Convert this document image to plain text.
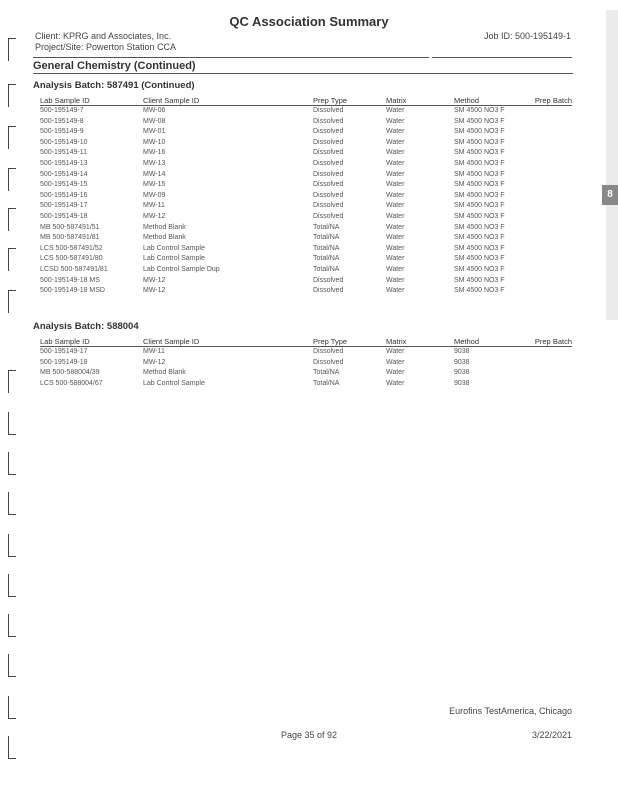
8
QC Association Summary
Client: KPRG and Associates, Inc.
Project/Site: Powerton Station CCA
Job ID: 500-195149-1
General Chemistry (Continued)
Analysis Batch: 587491 (Continued)
Lab Sample ID	Client Sample ID	Prep Type	Matrix	Method	Prep Batch
500-195149-7	MW-06	Dissolved	Water	SM 4500 NO3 F	
500-195149-8	MW-08	Dissolved	Water	SM 4500 NO3 F	
500-195149-9	MW-01	Dissolved	Water	SM 4500 NO3 F	
500-195149-10	MW-10	Dissolved	Water	SM 4500 NO3 F	
500-195149-11	MW-16	Dissolved	Water	SM 4500 NO3 F	
500-195149-13	MW-13	Dissolved	Water	SM 4500 NO3 F	
500-195149-14	MW-14	Dissolved	Water	SM 4500 NO3 F	
500-195149-15	MW-15	Dissolved	Water	SM 4500 NO3 F	
500-195149-16	MW-09	Dissolved	Water	SM 4500 NO3 F	
500-195149-17	MW-11	Dissolved	Water	SM 4500 NO3 F	
500-195149-18	MW-12	Dissolved	Water	SM 4500 NO3 F	
MB 500-587491/51	Method Blank	Total/NA	Water	SM 4500 NO3 F	
MB 500-587491/81	Method Blank	Total/NA	Water	SM 4500 NO3 F	
LCS 500-587491/52	Lab Control Sample	Total/NA	Water	SM 4500 NO3 F	
LCS 500-587491/80	Lab Control Sample	Total/NA	Water	SM 4500 NO3 F	
LCSD 500-587491/81	Lab Control Sample Dup	Total/NA	Water	SM 4500 NO3 F	
500-195149-18 MS	MW-12	Dissolved	Water	SM 4500 NO3 F	
500-195149-18 MSD	MW-12	Dissolved	Water	SM 4500 NO3 F	
Analysis Batch: 588004
Lab Sample ID	Client Sample ID	Prep Type	Matrix	Method	Prep Batch
500-195149-17	MW-11	Dissolved	Water	9038	
500-195149-18	MW-12	Dissolved	Water	9038	
MB 500-588004/39	Method Blank	Total/NA	Water	9038	
LCS 500-588004/67	Lab Control Sample	Total/NA	Water	9038	
Eurofins TestAmerica, Chicago
Page 35 of 92	3/22/2021
